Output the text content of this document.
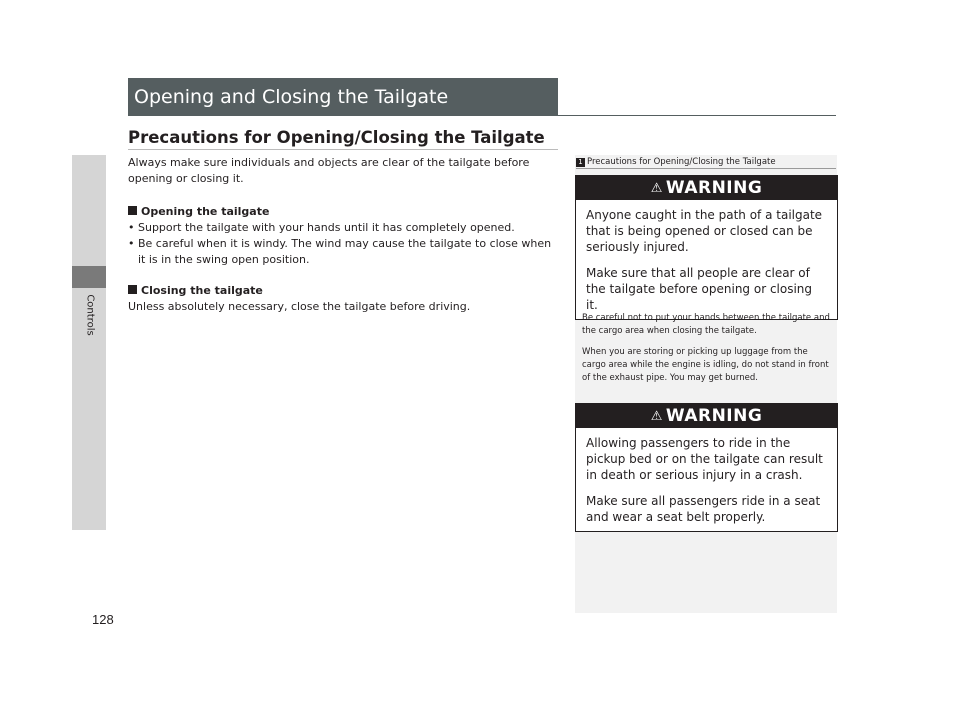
Controls
128
Opening and Closing the Tailgate
Precautions for Opening/Closing the Tailgate

Always make sure individuals and objects are clear of the tailgate before opening or closing it.

Opening the tailgate

• Support the tailgate with your hands until it has completely opened.

• Be careful when it is windy. The wind may cause the tailgate to close when it is in the swing open position.

Closing the tailgate

Unless absolutely necessary, close the tailgate before driving.

1 Precautions for Opening/Closing the Tailgate
⚠ WARNING

Anyone caught in the path of a tailgate that is being opened or closed can be seriously injured.

Make sure that all people are clear of the tailgate before opening or closing it.

Be careful not to put your hands between the tailgate and the cargo area when closing the tailgate.

When you are storing or picking up luggage from the cargo area while the engine is idling, do not stand in front of the exhaust pipe. You may get burned.

⚠ WARNING

Allowing passengers to ride in the pickup bed or on the tailgate can result in death or serious injury in a crash.

Make sure all passengers ride in a seat and wear a seat belt properly.
